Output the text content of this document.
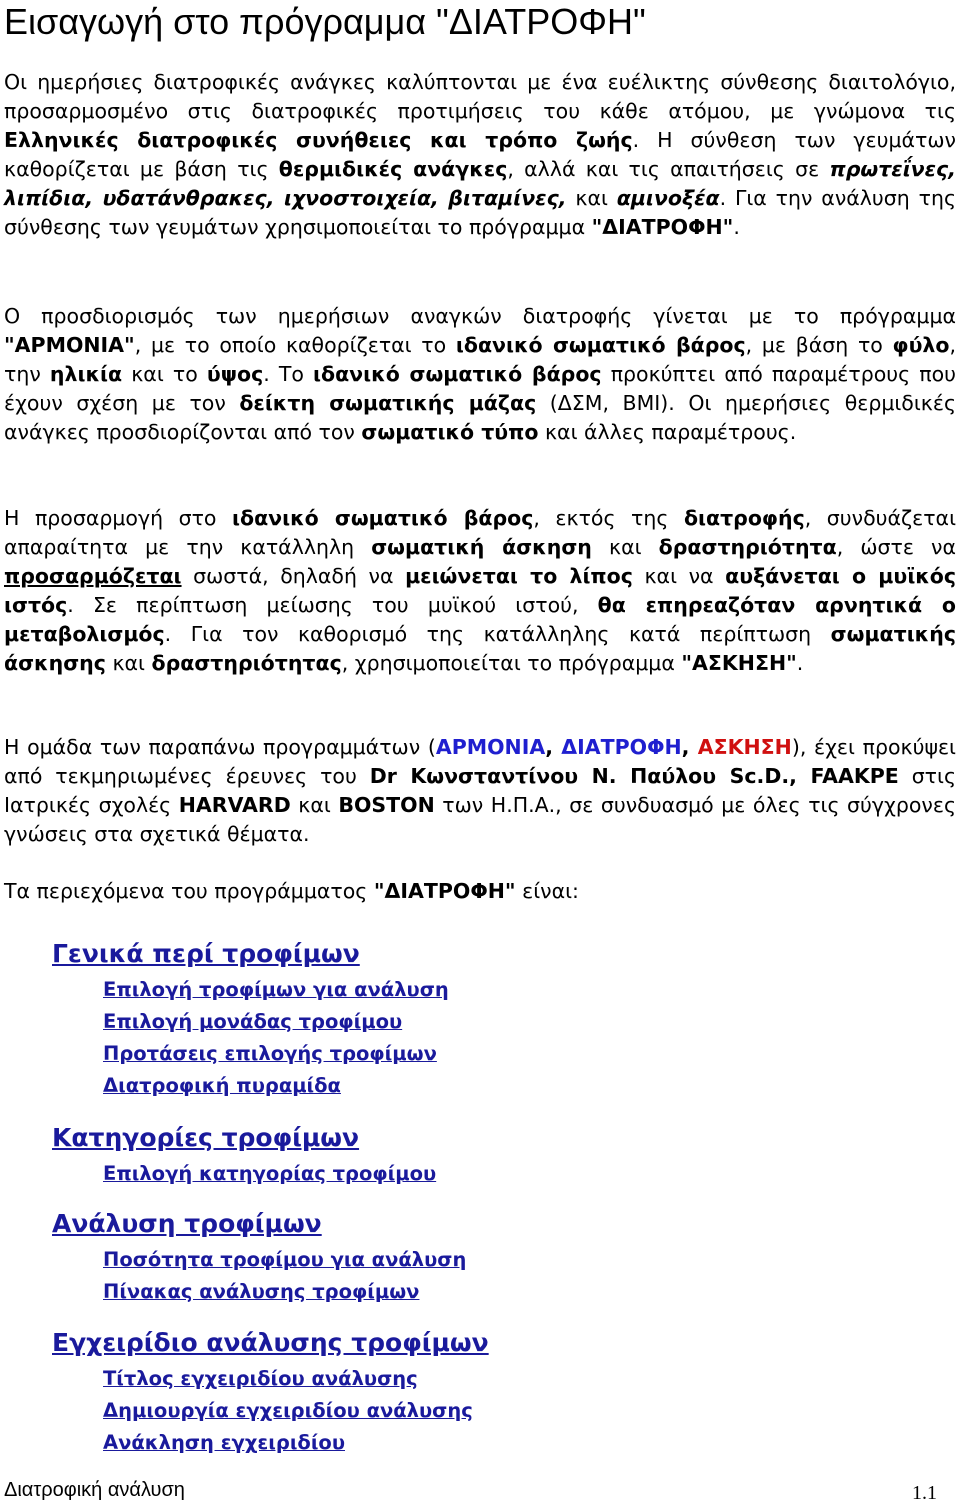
Εισαγωγή στο πρόγραμμα "ΔΙΑΤΡΟΦΗ"

Οι ημερήσιες διατροφικές ανάγκες καλύπτονται με ένα ευέλικτης σύνθεσης διαιτολόγιο, προσαρμοσμένο στις διατροφικές προτιμήσεις του κάθε ατόμου, με γνώμονα τις Ελληνικές διατροφικές συνήθειες και τρόπο ζωής. Η σύνθεση των γευμάτων καθορίζεται με βάση τις θερμιδικές ανάγκες, αλλά και τις απαιτήσεις σε πρωτεΐνες, λιπίδια, υδατάνθρακες, ιχνοστοιχεία, βιταμίνες, και αμινοξέα. Για την ανάλυση της σύνθεσης των γευμάτων χρησιμοποιείται το πρόγραμμα "ΔΙΑΤΡΟΦΗ".

Ο προσδιορισμός των ημερήσιων αναγκών διατροφής γίνεται με το πρόγραμμα "ΑΡΜΟΝΙΑ", με το οποίο καθορίζεται το ιδανικό σωματικό βάρος, με βάση το φύλο, την ηλικία και το ύψος. Το ιδανικό σωματικό βάρος προκύπτει από παραμέτρους που έχουν σχέση με τον δείκτη σωματικής μάζας (ΔΣΜ, BMI). Οι ημερήσιες θερμιδικές ανάγκες προσδιορίζονται από τον σωματικό τύπο και άλλες παραμέτρους.

Η προσαρμογή στο ιδανικό σωματικό βάρος, εκτός της διατροφής, συνδυάζεται απαραίτητα με την κατάλληλη σωματική άσκηση και δραστηριότητα, ώστε να προσαρμόζεται σωστά, δηλαδή να μειώνεται το λίπος και να αυξάνεται ο μυϊκός ιστός. Σε περίπτωση μείωσης του μυϊκού ιστού, θα επηρεαζόταν αρνητικά ο μεταβολισμός. Για τον καθορισμό της κατάλληλης κατά περίπτωση σωματικής άσκησης και δραστηριότητας, χρησιμοποιείται το πρόγραμμα "ΑΣΚΗΣΗ".

Η ομάδα των παραπάνω προγραμμάτων (ΑΡΜΟΝΙΑ, ΔΙΑΤΡΟΦΗ, ΑΣΚΗΣΗ), έχει προκύψει από τεκμηριωμένες έρευνες του Dr Κωνσταντίνου Ν. Παύλου Sc.D., FAAKPE στις Ιατρικές σχολές HARVARD και BOSTON των Η.Π.Α., σε συνδυασμό με όλες τις σύγχρονες γνώσεις στα σχετικά θέματα.

Τα περιεχόμενα του προγράμματος "ΔΙΑΤΡΟΦΗ" είναι:

Γενικά περί τροφίμων
Επιλογή τροφίμων για ανάλυση
Επιλογή μονάδας τροφίμου
Προτάσεις επιλογής τροφίμων
Διατροφική πυραμίδα
Κατηγορίες τροφίμων
Επιλογή κατηγορίας τροφίμου
Ανάλυση τροφίμων
Ποσότητα τροφίμου για ανάλυση
Πίνακας ανάλυσης τροφίμων
Εγχειρίδιο ανάλυσης τροφίμων
Τίτλος εγχειριδίου ανάλυσης
Δημιουργία εγχειριδίου ανάλυσης
Ανάκληση εγχειριδίου

Διατροφική ανάλυση	1.1
